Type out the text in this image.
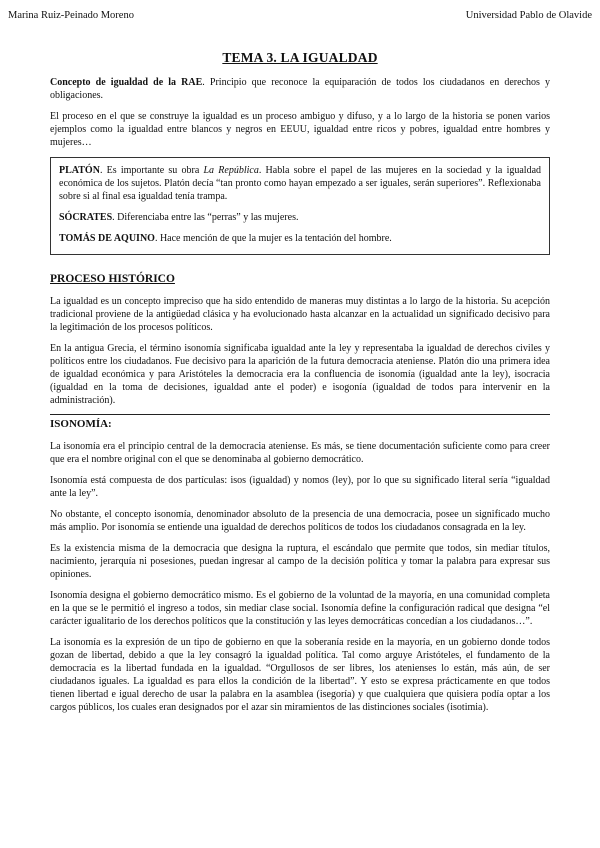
Marina Ruiz-Peinado Moreno	Universidad Pablo de Olavide
TEMA 3. LA IGUALDAD

Concepto de igualdad de la RAE. Principio que reconoce la equiparación de todos los ciudadanos en derechos y obligaciones.

El proceso en el que se construye la igualdad es un proceso ambiguo y difuso, y a lo largo de la historia se ponen varios ejemplos como la igualdad entre blancos y negros en EEUU, igualdad entre ricos y pobres, igualdad entre hombres y mujeres…

PLATÓN. Es importante su obra La República. Habla sobre el papel de las mujeres en la sociedad y la igualdad económica de los sujetos. Platón decía “tan pronto como hayan empezado a ser iguales, serán superiores”. Reflexionaba sobre si al final esa igualdad tenía trampa.

SÓCRATES. Diferenciaba entre las “perras” y las mujeres.

TOMÁS DE AQUINO. Hace mención de que la mujer es la tentación del hombre.

PROCESO HISTÓRICO

La igualdad es un concepto impreciso que ha sido entendido de maneras muy distintas a lo largo de la historia. Su acepción tradicional proviene de la antigüedad clásica y ha evolucionado hasta alcanzar en la actualidad un significado decisivo para la legitimación de los procesos políticos.

En la antigua Grecia, el término isonomía significaba igualdad ante la ley y representaba la igualdad de derechos civiles y políticos entre los ciudadanos. Fue decisivo para la aparición de la futura democracia ateniense. Platón dio una primera idea de igualdad económica y para Aristóteles la democracia era la confluencia de isonomía (igualdad ante la ley), isocracia (igualdad en la toma de decisiones, igualdad ante el poder) e isogonía (igualdad de todos para intervenir en la administración).

ISONOMÍA:

La isonomía era el principio central de la democracia ateniense. Es más, se tiene documentación suficiente como para creer que era el nombre original con el que se denominaba al gobierno democrático.

Isonomía está compuesta de dos partículas: isos (igualdad) y nomos (ley), por lo que su significado literal sería “igualdad ante la ley”.

No obstante, el concepto isonomía, denominador absoluto de la presencia de una democracia, posee un significado mucho más amplio. Por isonomía se entiende una igualdad de derechos políticos de todos los ciudadanos consagrada en la ley.

Es la existencia misma de la democracia que designa la ruptura, el escándalo que permite que todos, sin mediar títulos, nacimiento, jerarquía ni posesiones, puedan ingresar al campo de la decisión política y tomar la palabra para expresar sus opiniones.

Isonomía designa el gobierno democrático mismo. Es el gobierno de la voluntad de la mayoría, en una comunidad completa en la que se le permitió el ingreso a todos, sin mediar clase social. Isonomía define la configuración radical que designa “el carácter igualitario de los derechos políticos que la constitución y las leyes democráticas concedían a los ciudadanos…”.

La isonomía es la expresión de un tipo de gobierno en que la soberanía reside en la mayoría, en un gobierno donde todos gozan de libertad, debido a que la ley consagró la igualdad política. Tal como arguye Aristóteles, el fundamento de la democracia es la libertad fundada en la igualdad. “Orgullosos de ser libres, los atenienses lo están, más aún, de ser ciudadanos iguales. La igualdad es para ellos la condición de la libertad”. Y esto se expresa prácticamente en que todos tienen libertad e igual derecho de usar la palabra en la asamblea (isegoría) y que cualquiera que quisiera podía optar a los cargos públicos, los cuales eran designados por el azar sin miramientos de las distinciones sociales (isotimia).
